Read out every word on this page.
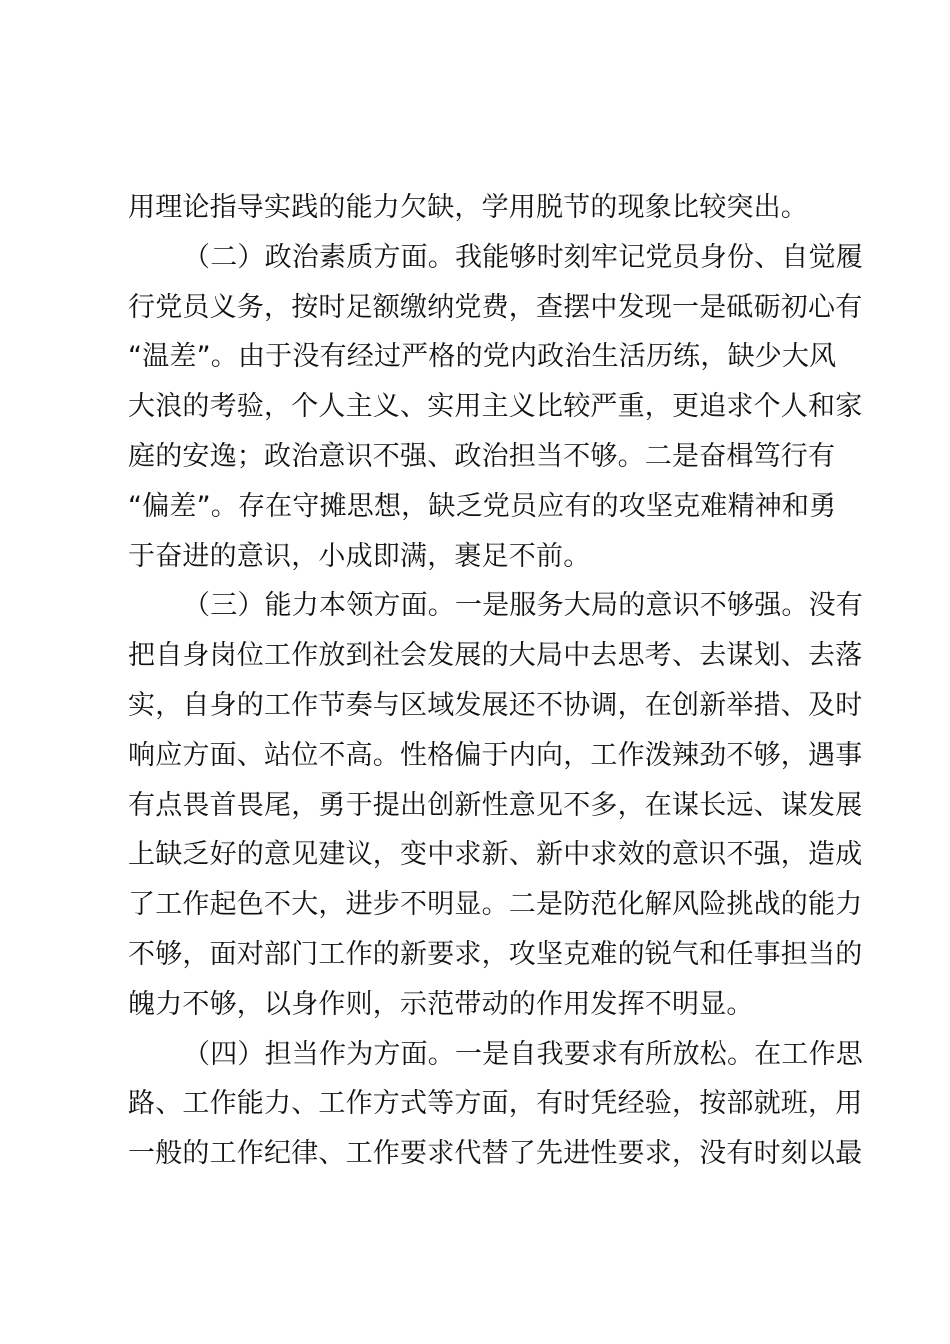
用理论指导实践的能力欠缺，学用脱节的现象比较突出。
（二）政治素质方面。我能够时刻牢记党员身份、自觉履
行党员义务，按时足额缴纳党费，查摆中发现一是砥砺初心有
“温差”。由于没有经过严格的党内政治生活历练，缺少大风
大浪的考验，个人主义、实用主义比较严重，更追求个人和家
庭的安逸；政治意识不强、政治担当不够。二是奋楫笃行有
“偏差”。存在守摊思想，缺乏党员应有的攻坚克难精神和勇
于奋进的意识，小成即满，裹足不前。
（三）能力本领方面。一是服务大局的意识不够强。没有
把自身岗位工作放到社会发展的大局中去思考、去谋划、去落
实，自身的工作节奏与区域发展还不协调，在创新举措、及时
响应方面、站位不高。性格偏于内向，工作泼辣劲不够，遇事
有点畏首畏尾，勇于提出创新性意见不多，在谋长远、谋发展
上缺乏好的意见建议，变中求新、新中求效的意识不强，造成
了工作起色不大，进步不明显。二是防范化解风险挑战的能力
不够，面对部门工作的新要求，攻坚克难的锐气和任事担当的
魄力不够，以身作则，示范带动的作用发挥不明显。
（四）担当作为方面。一是自我要求有所放松。在工作思
路、工作能力、工作方式等方面，有时凭经验，按部就班，用
一般的工作纪律、工作要求代替了先进性要求，没有时刻以最
